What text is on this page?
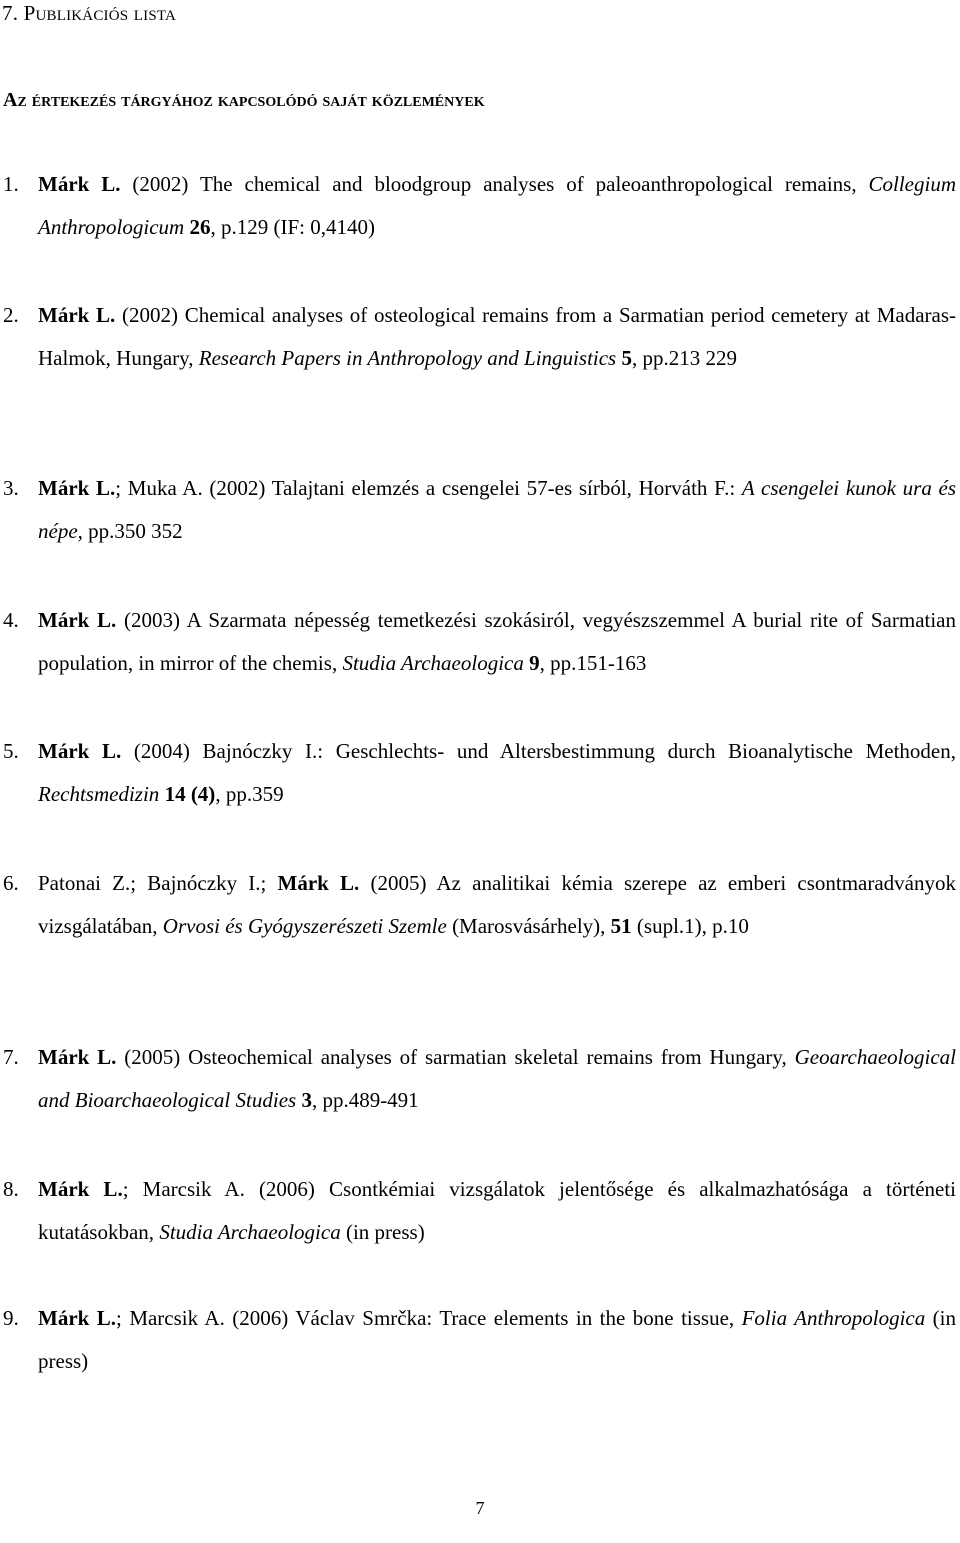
7. Publikációs lista
Az értekezés tárgyához kapcsolódó saját közlemények
1. Márk L. (2002) The chemical and bloodgroup analyses of paleoanthropological remains, Collegium Anthropologicum 26, p.129 (IF: 0,4140)
2. Márk L. (2002) Chemical analyses of osteological remains from a Sarmatian period cemetery at Madaras-Halmok, Hungary, Research Papers in Anthropology and Linguistics 5, pp.213 229
3. Márk L.; Muka A. (2002) Talajtani elemzés a csengelei 57-es sírból, Horváth F.: A csengelei kunok ura és népe, pp.350 352
4. Márk L. (2003) A Szarmata népesség temetkezési szokásiról, vegyészszemmel A burial rite of Sarmatian population, in mirror of the chemis, Studia Archaeologica 9, pp.151-163
5. Márk L. (2004) Bajnóczky I.: Geschlechts- und Altersbestimmung durch Bioanalytische Methoden, Rechtsmedizin 14 (4), pp.359
6. Patonai Z.; Bajnóczky I.; Márk L. (2005) Az analitikai kémia szerepe az emberi csontmaradványok vizsgálatában, Orvosi és Gyógyszerészeti Szemle (Marosvásárhely), 51 (supl.1), p.10
7. Márk L. (2005) Osteochemical analyses of sarmatian skeletal remains from Hungary, Geoarchaeological and Bioarchaeological Studies 3, pp.489-491
8. Márk L.; Marcsik A. (2006) Csontkémiai vizsgálatok jelentősége és alkalmazhatósága a történeti kutatásokban, Studia Archaeologica (in press)
9. Márk L.; Marcsik A. (2006) Václav Smrčka: Trace elements in the bone tissue, Folia Anthropologica (in press)
7
